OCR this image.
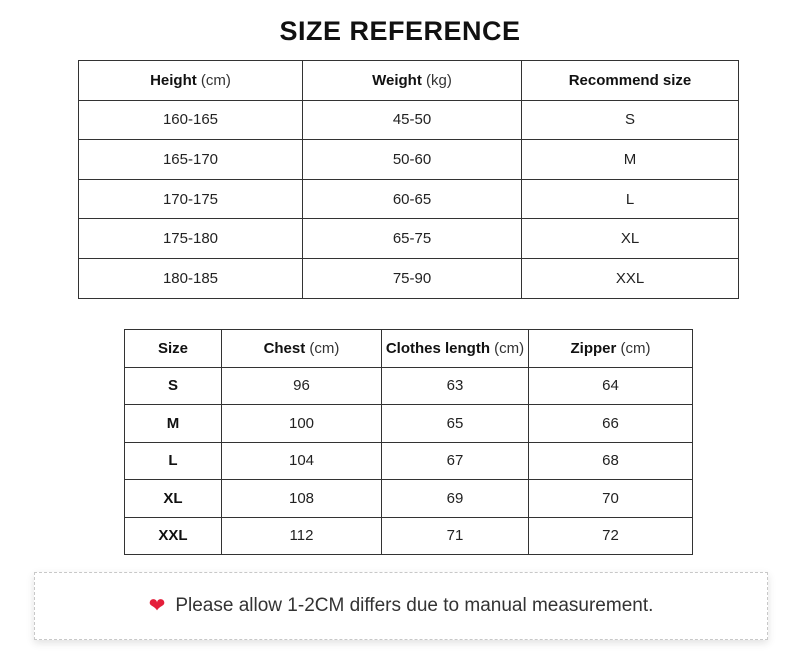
SIZE REFERENCE
Height (cm)	Weight (kg)	Recommend size
160-165	45-50	S
165-170	50-60	M
170-175	60-65	L
175-180	65-75	XL
180-185	75-90	XXL
Size	Chest (cm)	Clothes length (cm)	Zipper (cm)
S	96	63	64
M	100	65	66
L	104	67	68
XL	108	69	70
XXL	112	71	72
❤ Please allow 1-2CM differs due to manual measurement.
